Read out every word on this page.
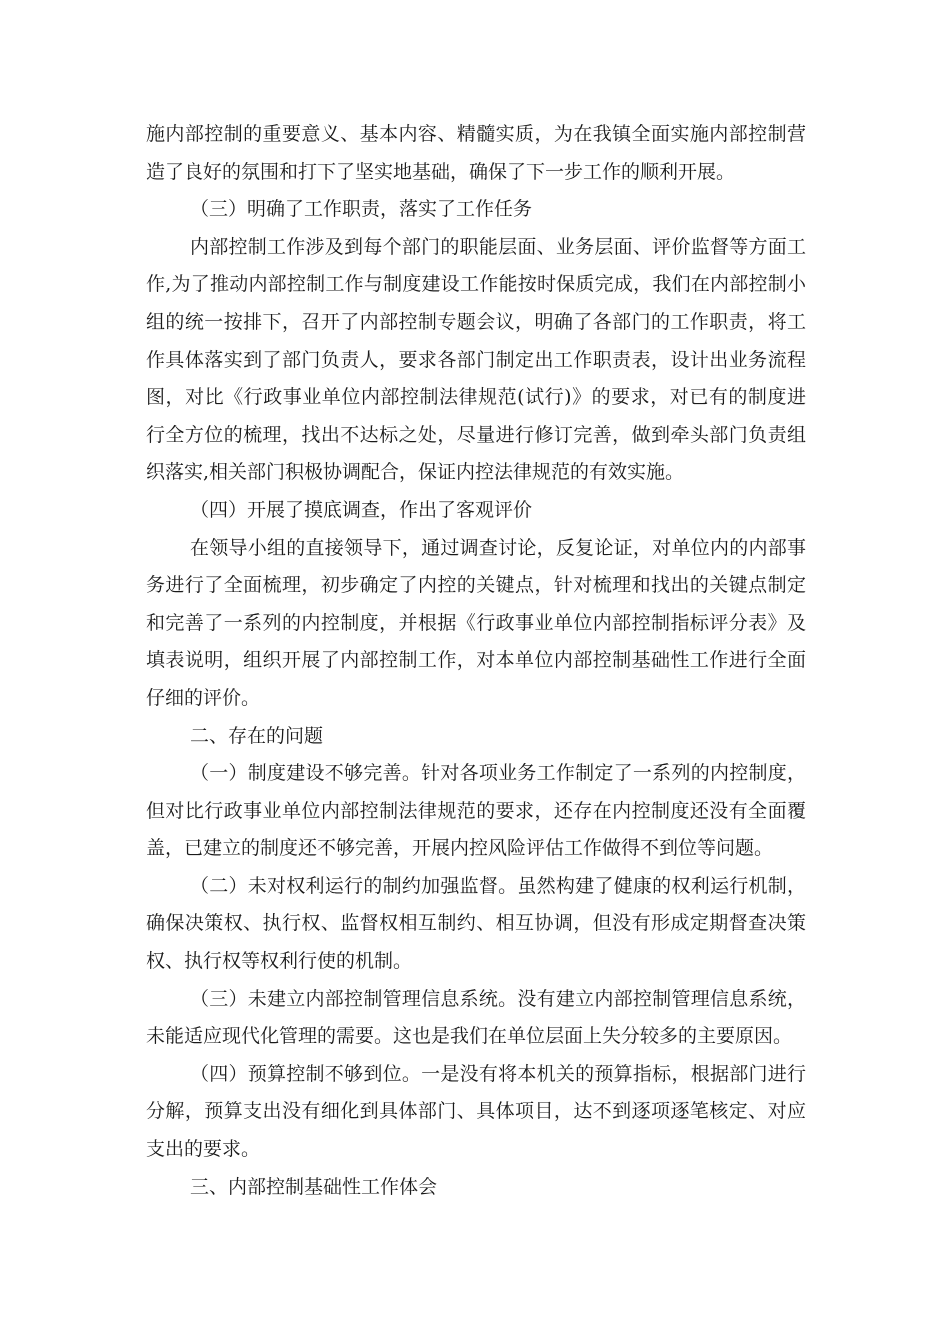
施内部控制的重要意义、基本内容、精髓实质，为在我镇全面实施内部控制营造了良好的氛围和打下了坚实地基础，确保了下一步工作的顺利开展。

（三）明确了工作职责，落实了工作任务

内部控制工作涉及到每个部门的职能层面、业务层面、评价监督等方面工作,为了推动内部控制工作与制度建设工作能按时保质完成，我们在内部控制小组的统一按排下，召开了内部控制专题会议，明确了各部门的工作职责，将工作具体落实到了部门负责人，要求各部门制定出工作职责表，设计出业务流程图，对比《行政事业单位内部控制法律规范(试行)》的要求，对已有的制度进行全方位的梳理，找出不达标之处，尽量进行修订完善，做到牵头部门负责组织落实,相关部门积极协调配合，保证内控法律规范的有效实施。

（四）开展了摸底调查，作出了客观评价

在领导小组的直接领导下，通过调查讨论，反复论证，对单位内的内部事务进行了全面梳理，初步确定了内控的关键点，针对梳理和找出的关键点制定和完善了一系列的内控制度，并根据《行政事业单位内部控制指标评分表》及填表说明，组织开展了内部控制工作，对本单位内部控制基础性工作进行全面仔细的评价。

二、存在的问题

（一）制度建设不够完善。针对各项业务工作制定了一系列的内控制度，但对比行政事业单位内部控制法律规范的要求，还存在内控制度还没有全面覆盖，已建立的制度还不够完善，开展内控风险评估工作做得不到位等问题。

（二）未对权利运行的制约加强监督。虽然构建了健康的权利运行机制，确保决策权、执行权、监督权相互制约、相互协调，但没有形成定期督查决策权、执行权等权利行使的机制。

（三）未建立内部控制管理信息系统。没有建立内部控制管理信息系统，未能适应现代化管理的需要。这也是我们在单位层面上失分较多的主要原因。

（四）预算控制不够到位。一是没有将本机关的预算指标，根据部门进行分解，预算支出没有细化到具体部门、具体项目，达不到逐项逐笔核定、对应支出的要求。

三、内部控制基础性工作体会
